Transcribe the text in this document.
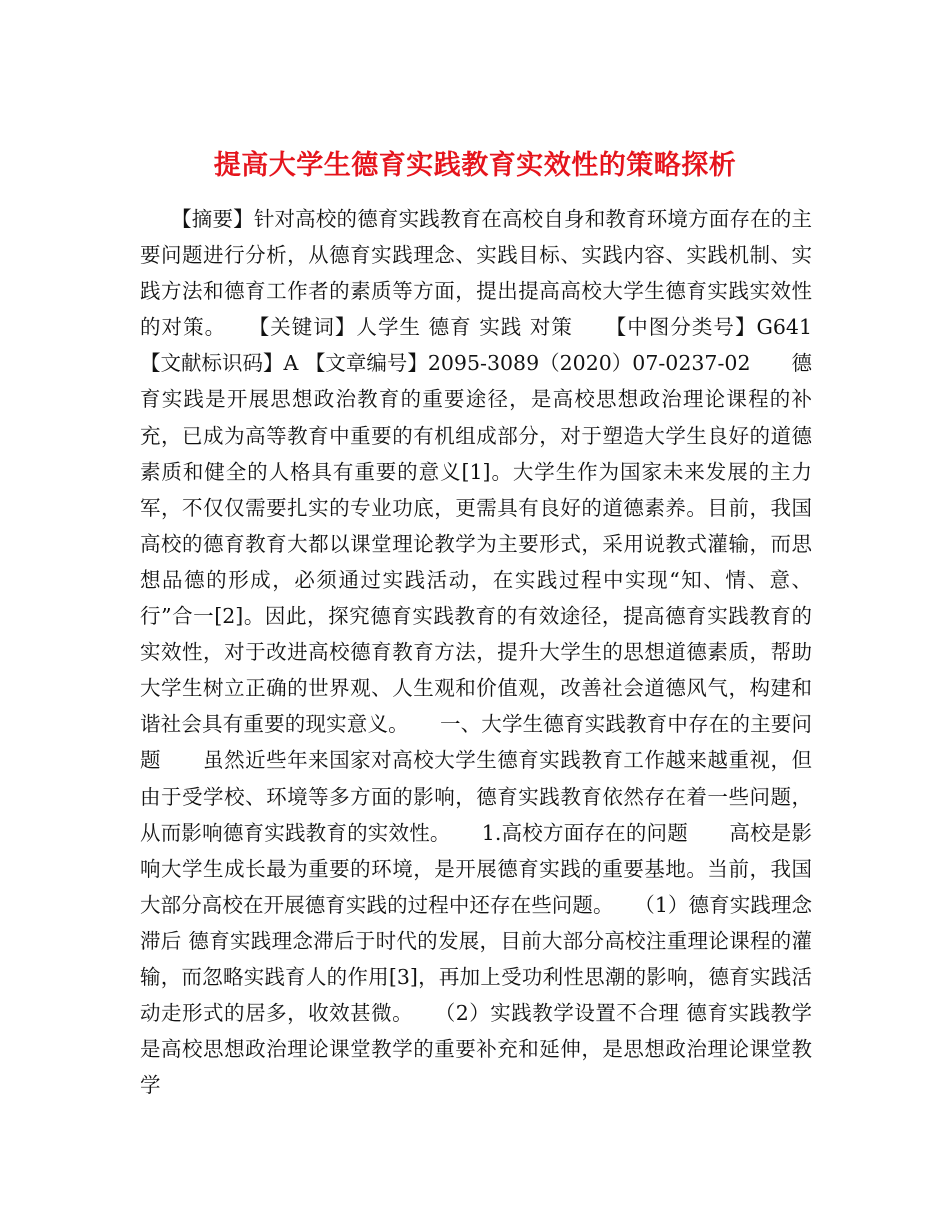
提高大学生德育实践教育实效性的策略探析

　　【摘要】针对高校的德育实践教育在高校自身和教育环境方面存在的主要问题进行分析，从德育实践理念、实践目标、实践内容、实践机制、实践方法和德育工作者的素质等方面，提出提高高校大学生德育实践实效性的对策。　　【关键词】人学生 德育 实践 对策　　【中图分类号】G641 【文献标识码】A 【文章编号】2095-3089（2020）07-0237-02　　德育实践是开展思想政治教育的重要途径，是高校思想政治理论课程的补充，已成为高等教育中重要的有机组成部分，对于塑造大学生良好的道德素质和健全的人格具有重要的意义[1]。大学生作为国家未来发展的主力军，不仅仅需要扎实的专业功底，更需具有良好的道德素养。目前，我国高校的德育教育大都以课堂理论教学为主要形式，采用说教式灌输，而思想品德的形成，必须通过实践活动，在实践过程中实现“知、情、意、行”合一[2]。因此，探究德育实践教育的有效途径，提高德育实践教育的实效性，对于改进高校德育教育方法，提升大学生的思想道德素质，帮助大学生树立正确的世界观、人生观和价值观，改善社会道德风气，构建和谐社会具有重要的现实意义。　　一、大学生德育实践教育中存在的主要问题　　虽然近些年来国家对高校大学生德育实践教育工作越来越重视，但由于受学校、环境等多方面的影响，德育实践教育依然存在着一些问题，从而影响德育实践教育的实效性。　　1.高校方面存在的问题　　高校是影响大学生成长最为重要的环境，是开展德育实践的重要基地。当前，我国大部分高校在开展德育实践的过程中还存在些问题。　　（1）德育实践理念滞后 德育实践理念滞后于时代的发展，目前大部分高校注重理论课程的灌输，而忽略实践育人的作用[3]，再加上受功利性思潮的影响，德育实践活动走形式的居多，收效甚微。　　（2）实践教学设置不合理 德育实践教学是高校思想政治理论课堂教学的重要补充和延伸，是思想政治理论课堂教学
